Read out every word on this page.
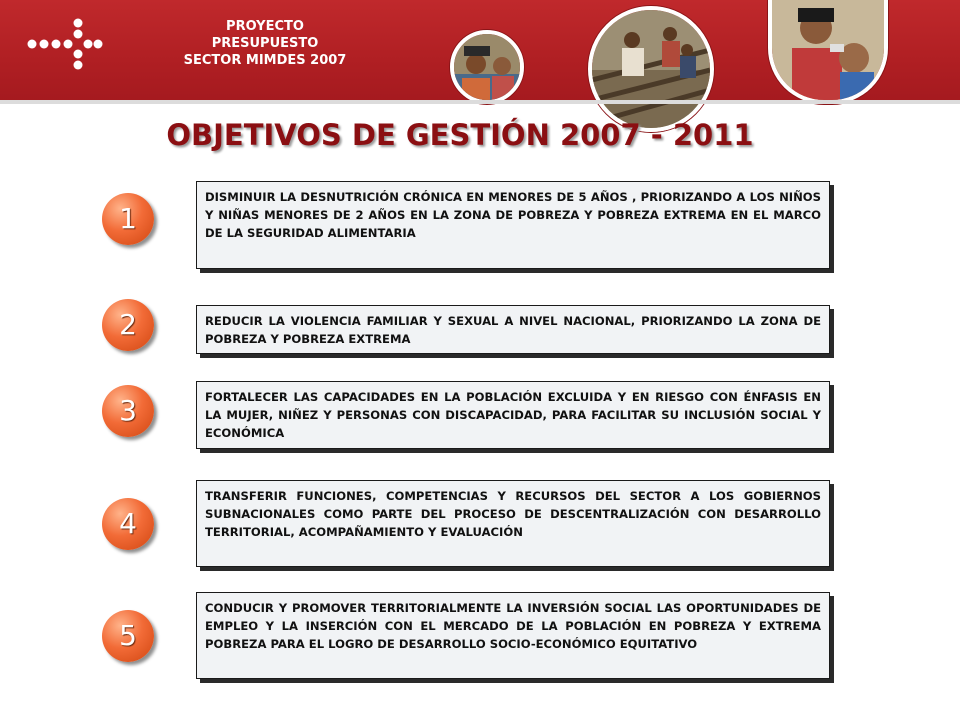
PROYECTO
PRESUPUESTO
SECTOR MIMDES 2007
OBJETIVOS DE GESTIÓN 2007 - 2011
1
DISMINUIR LA DESNUTRICIÓN CRÓNICA EN MENORES DE 5 AÑOS , PRIORIZANDO A LOS NIÑOS Y NIÑAS MENORES DE 2 AÑOS EN LA ZONA DE POBREZA Y POBREZA EXTREMA EN EL MARCO DE LA SEGURIDAD ALIMENTARIA
2	REDUCIR LA VIOLENCIA FAMILIAR Y SEXUAL A NIVEL NACIONAL, PRIORIZANDO LA ZONA DE POBREZA Y POBREZA EXTREMA
3	FORTALECER LAS CAPACIDADES EN LA POBLACIÓN EXCLUIDA Y EN RIESGO CON ÉNFASIS EN LA MUJER, NIÑEZ Y PERSONAS CON DISCAPACIDAD, PARA FACILITAR SU INCLUSIÓN SOCIAL Y ECONÓMICA
4
TRANSFERIR FUNCIONES, COMPETENCIAS Y RECURSOS DEL SECTOR A LOS GOBIERNOS SUBNACIONALES COMO PARTE DEL PROCESO DE DESCENTRALIZACIÓN CON DESARROLLO TERRITORIAL, ACOMPAÑAMIENTO Y EVALUACIÓN
5
CONDUCIR Y PROMOVER TERRITORIALMENTE LA INVERSIÓN SOCIAL LAS OPORTUNIDADES DE EMPLEO Y LA INSERCIÓN CON EL MERCADO DE LA POBLACIÓN EN POBREZA Y EXTREMA POBREZA PARA EL LOGRO DE DESARROLLO SOCIO-ECONÓMICO EQUITATIVO
